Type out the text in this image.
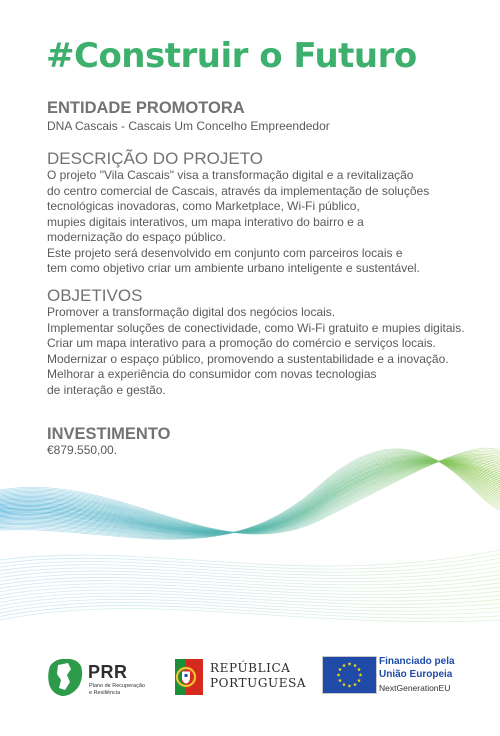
#Construir o Futuro
ENTIDADE PROMOTORA
DNA Cascais - Cascais Um Concelho Empreendedor
DESCRIÇÃO DO PROJETO
O projeto "Vila Cascais" visa a transformação digital e a revitalização
do centro comercial de Cascais, através da implementação de soluções
tecnológicas inovadoras, como Marketplace, Wi-Fi público,
mupies digitais interativos, um mapa interativo do bairro e a
modernização do espaço público.
Este projeto será desenvolvido em conjunto com parceiros locais e
tem como objetivo criar um ambiente urbano inteligente e sustentável.
OBJETIVOS
Promover a transformação digital dos negócios locais.
Implementar soluções de conectividade, como Wi-Fi gratuito e mupies digitais.
Criar um mapa interativo para a promoção do comércio e serviços locais.
Modernizar o espaço público, promovendo a sustentabilidade e a inovação.
Melhorar a experiência do consumidor com novas tecnologias
de interação e gestão.
INVESTIMENTO
€879.550,00.
PRR
Plano de Recuperação
e Resiliência
REPÚBLICA
PORTUGUESA
Financiado pela
União Europeia
NextGenerationEU
